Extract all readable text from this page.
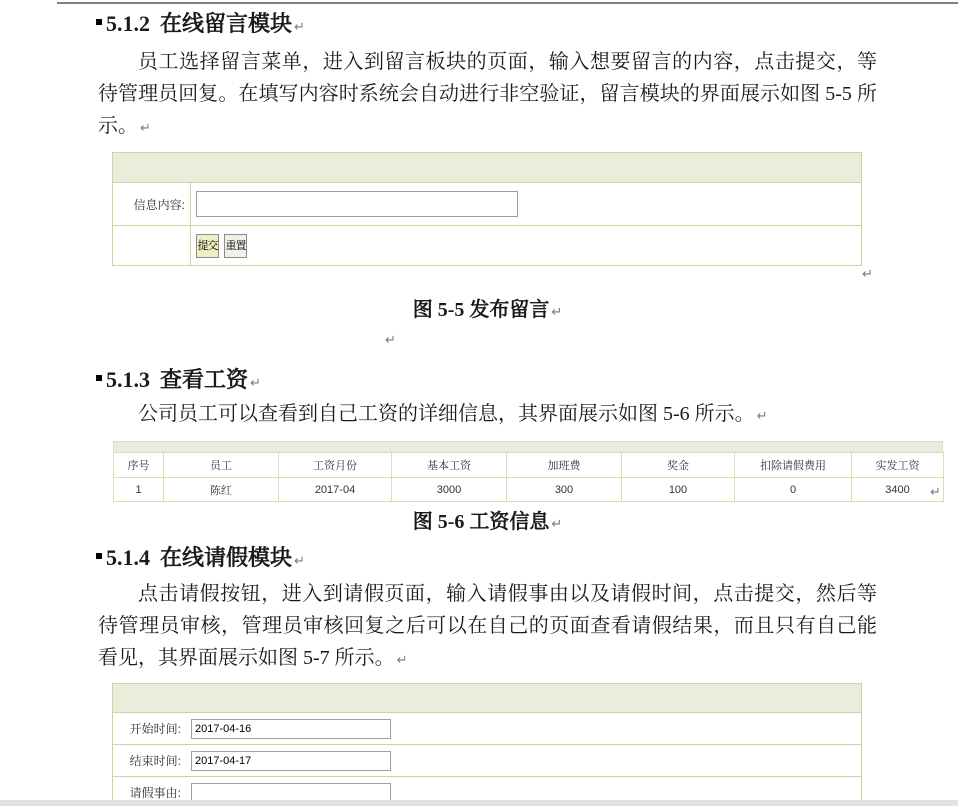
5.1.2 在线留言模块 ↵
员工选择留言菜单，进入到留言板块的页面，输入想要留言的内容，点击提交，等待管理员回复。在填写内容时系统会自动进行非空验证，留言模块的界面展示如图 5-5 所示。 ↵
信息内容:
提交 重置
↵
图 5-5 发布留言 ↵
↵
5.1.3 查看工资 ↵
公司员工可以查看到自己工资的详细信息，其界面展示如图 5-6 所示。 ↵
序号	员工	工资月份	基本工资	加班费	奖金	扣除请假费用	实发工资
1	陈红	2017-04	3000	300	100	0	3400 ↵
图 5-6 工资信息 ↵
5.1.4 在线请假模块 ↵
点击请假按钮，进入到请假页面，输入请假事由以及请假时间，点击提交，然后等待管理员审核，管理员审核回复之后可以在自己的页面查看请假结果，而且只有自己能看见，其界面展示如图 5-7 所示。 ↵
开始时间:
2017-04-16
结束时间:
2017-04-17
请假事由:
